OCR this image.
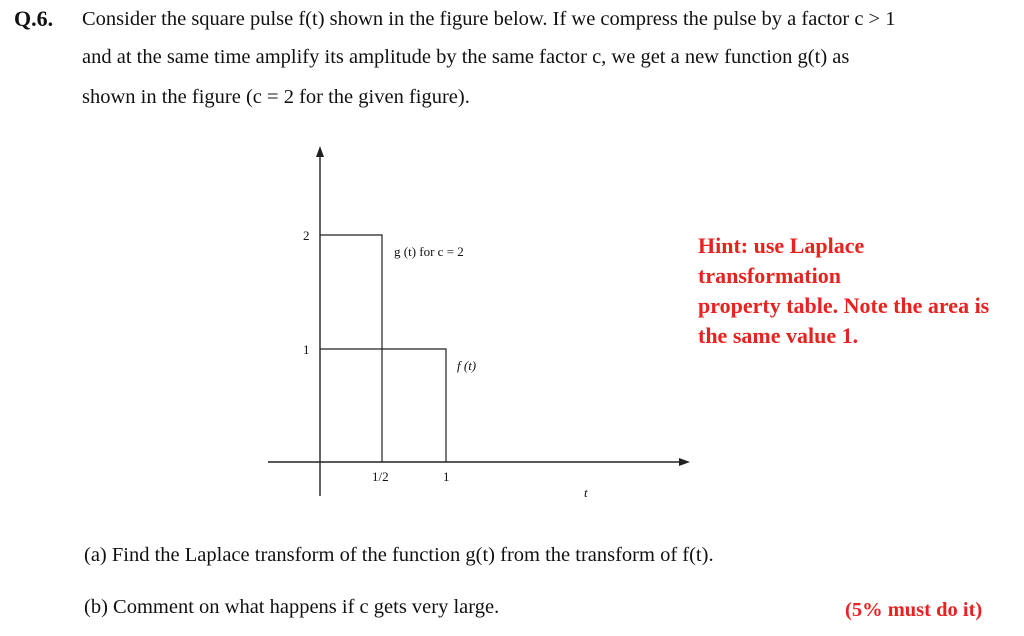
Q.6. Consider the square pulse f(t) shown in the figure below. If we compress the pulse by a factor c > 1
and at the same time amplify its amplitude by the same factor c, we get a new function g(t) as
shown in the figure (c = 2 for the given figure).
2
1
1/2	1
t
g (t) for c = 2
f (t)
Hint: use Laplace
transformation
property table. Note the area is
the same value 1.
(a) Find the Laplace transform of the function g(t) from the transform of f(t).
(b) Comment on what happens if c gets very large.	(5% must do it)
